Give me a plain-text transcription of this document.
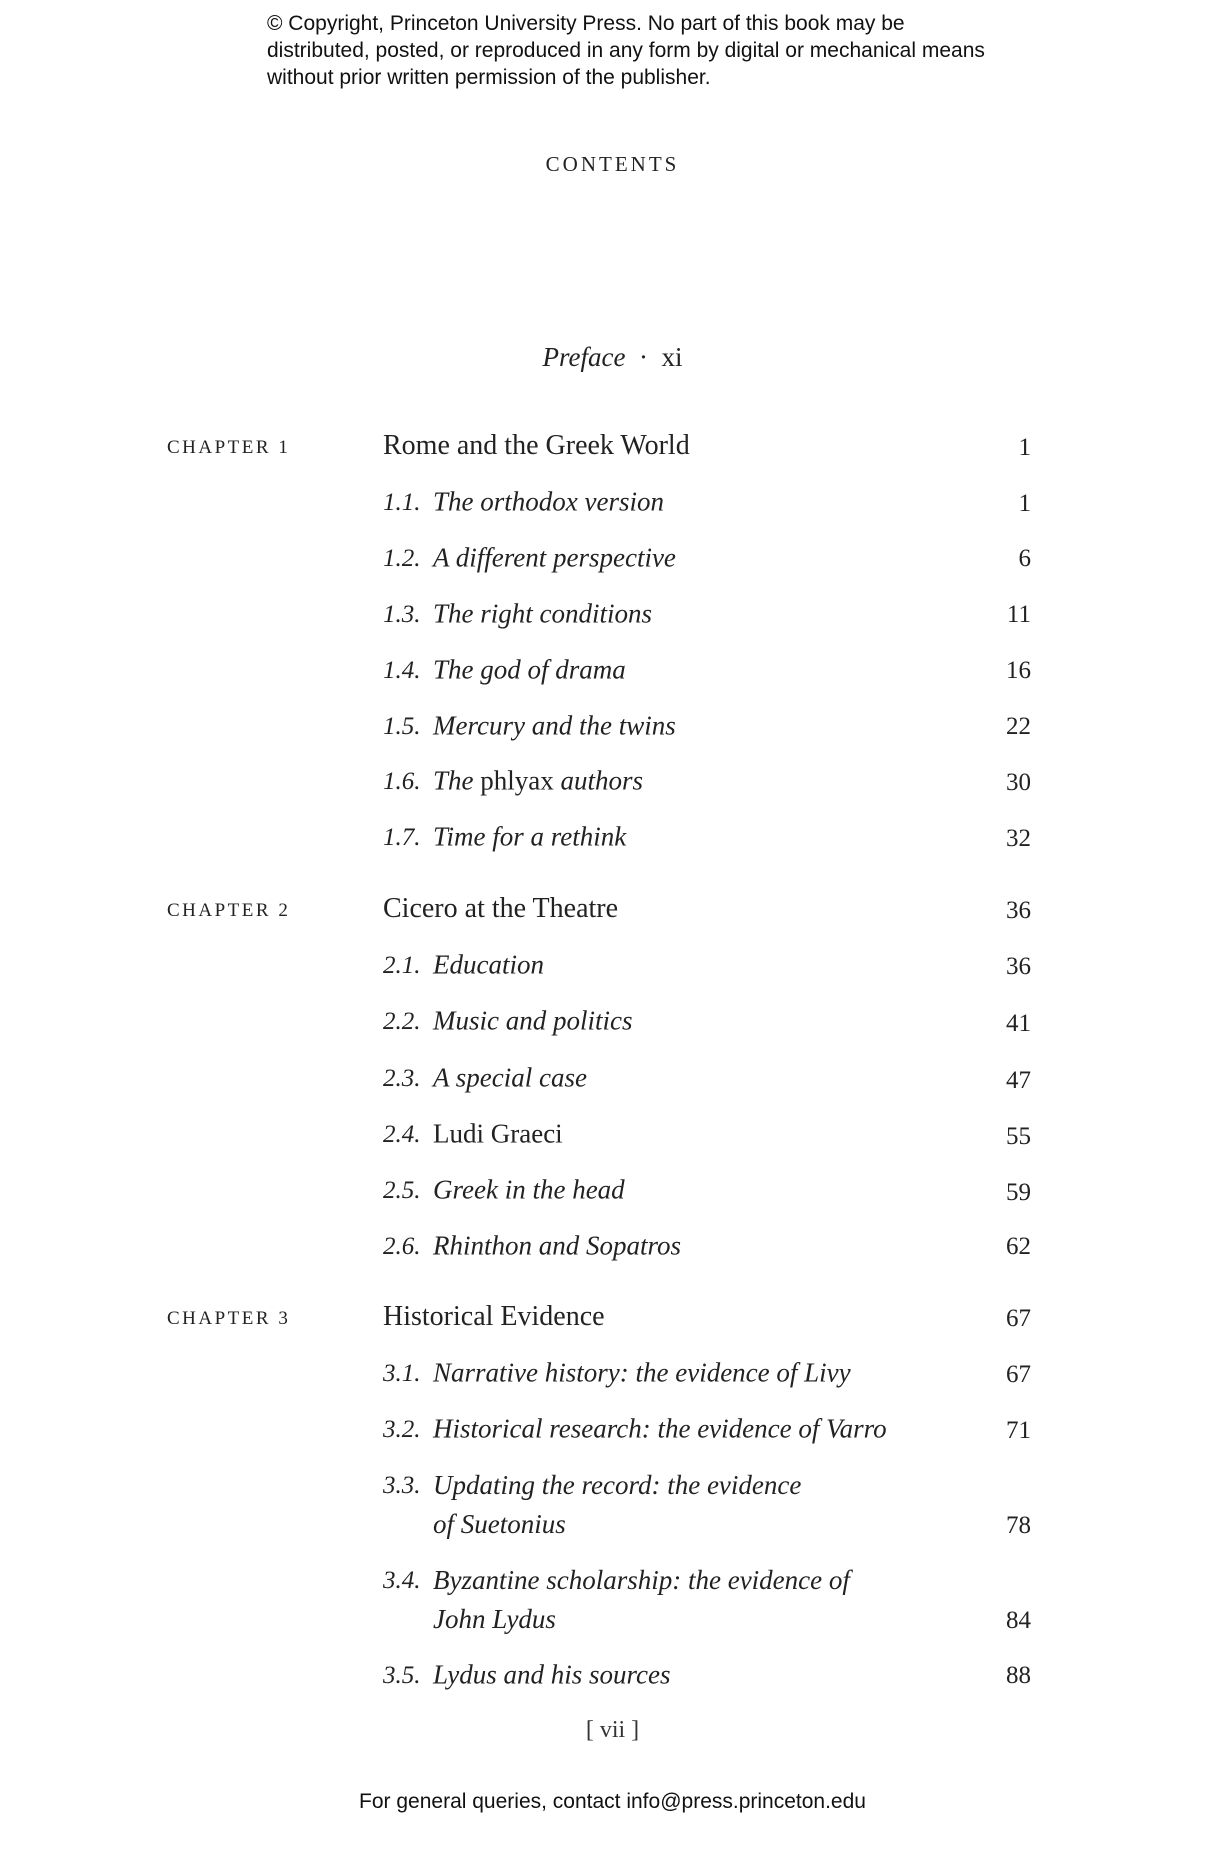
© Copyright, Princeton University Press. No part of this book may be distributed, posted, or reproduced in any form by digital or mechanical means without prior written permission of the publisher.
CONTENTS
Preface · xi
CHAPTER 1	Rome and the Greek World	1
1.1. The orthodox version	1
1.2. A different perspective	6
1.3. The right conditions	11
1.4. The god of drama	16
1.5. Mercury and the twins	22
1.6. The phlyax authors	30
1.7. Time for a rethink	32
CHAPTER 2	Cicero at the Theatre	36
2.1. Education	36
2.2. Music and politics	41
2.3. A special case	47
2.4. Ludi Graeci	55
2.5. Greek in the head	59
2.6. Rhinthon and Sopatros	62
CHAPTER 3	Historical Evidence	67
3.1. Narrative history: the evidence of Livy	67
3.2. Historical research: the evidence of Varro	71
3.3. Updating the record: the evidence
of Suetonius	78
3.4. Byzantine scholarship: the evidence of
John Lydus	84
3.5. Lydus and his sources	88
[ vii ]
For general queries, contact info@press.princeton.edu
